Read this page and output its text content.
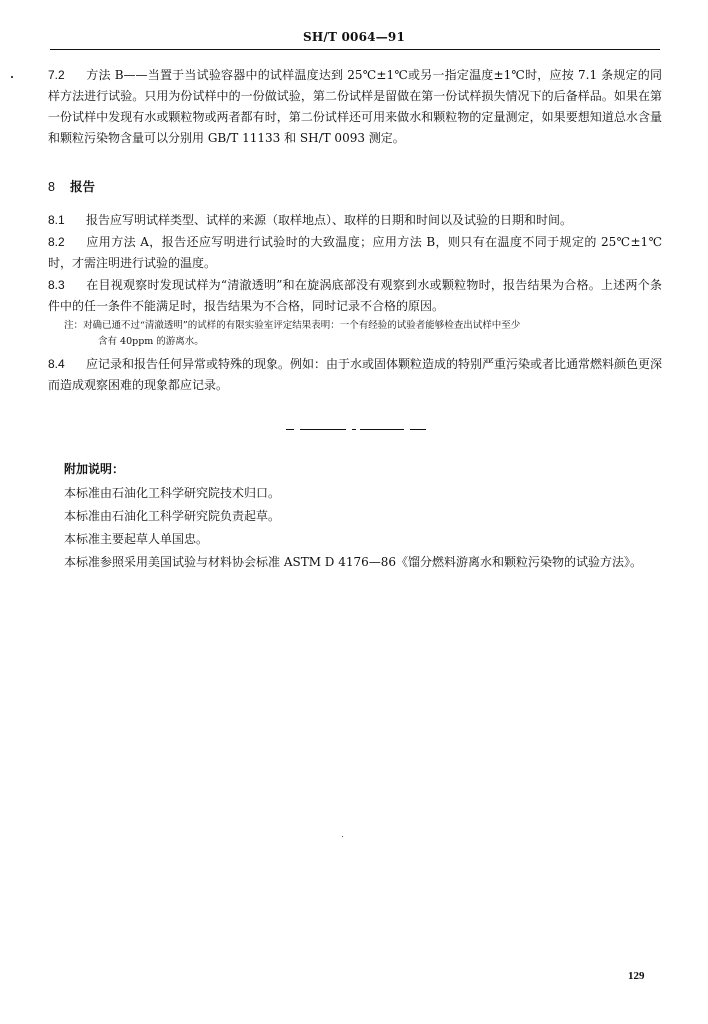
SH/T 0064—91

7.2 方法 B——当置于当试验容器中的试样温度达到 25℃±1℃或另一指定温度±1℃时，应按 7.1 条规定的同样方法进行试验。只用为份试样中的一份做试验，第二份试样是留做在第一份试样损失情况下的后备样品。如果在第一份试样中发现有水或颗粒物或两者都有时，第二份试样还可用来做水和颗粒物的定量测定，如果要想知道总水含量和颗粒污染物含量可以分别用 GB/T 11133 和 SH/T 0093 测定。

8 报告

8.1 报告应写明试样类型、试样的来源（取样地点）、取样的日期和时间以及试验的日期和时间。

8.2 应用方法 A，报告还应写明进行试验时的大致温度；应用方法 B，则只有在温度不同于规定的 25℃±1℃时，才需注明进行试验的温度。

8.3 在目视观察时发现试样为“清澈透明”和在旋涡底部没有观察到水或颗粒物时，报告结果为合格。上述两个条件中的任一条件不能满足时，报告结果为不合格，同时记录不合格的原因。

注：对确已通不过“清澈透明”的试样的有限实验室评定结果表明：一个有经验的试验者能够检查出试样中至少
含有 40ppm 的游离水。

8.4 应记录和报告任何异常或特殊的现象。例如：由于水或固体颗粒造成的特别严重污染或者比通常燃料颜色更深而造成观察困难的现象都应记录。

附加说明：

本标准由石油化工科学研究院技术归口。
本标准由石油化工科学研究院负责起草。
本标准主要起草人单国忠。
本标准参照采用美国试验与材料协会标准 ASTM D 4176—86《馏分燃料游离水和颗粒污染物的试验方法》。
129
